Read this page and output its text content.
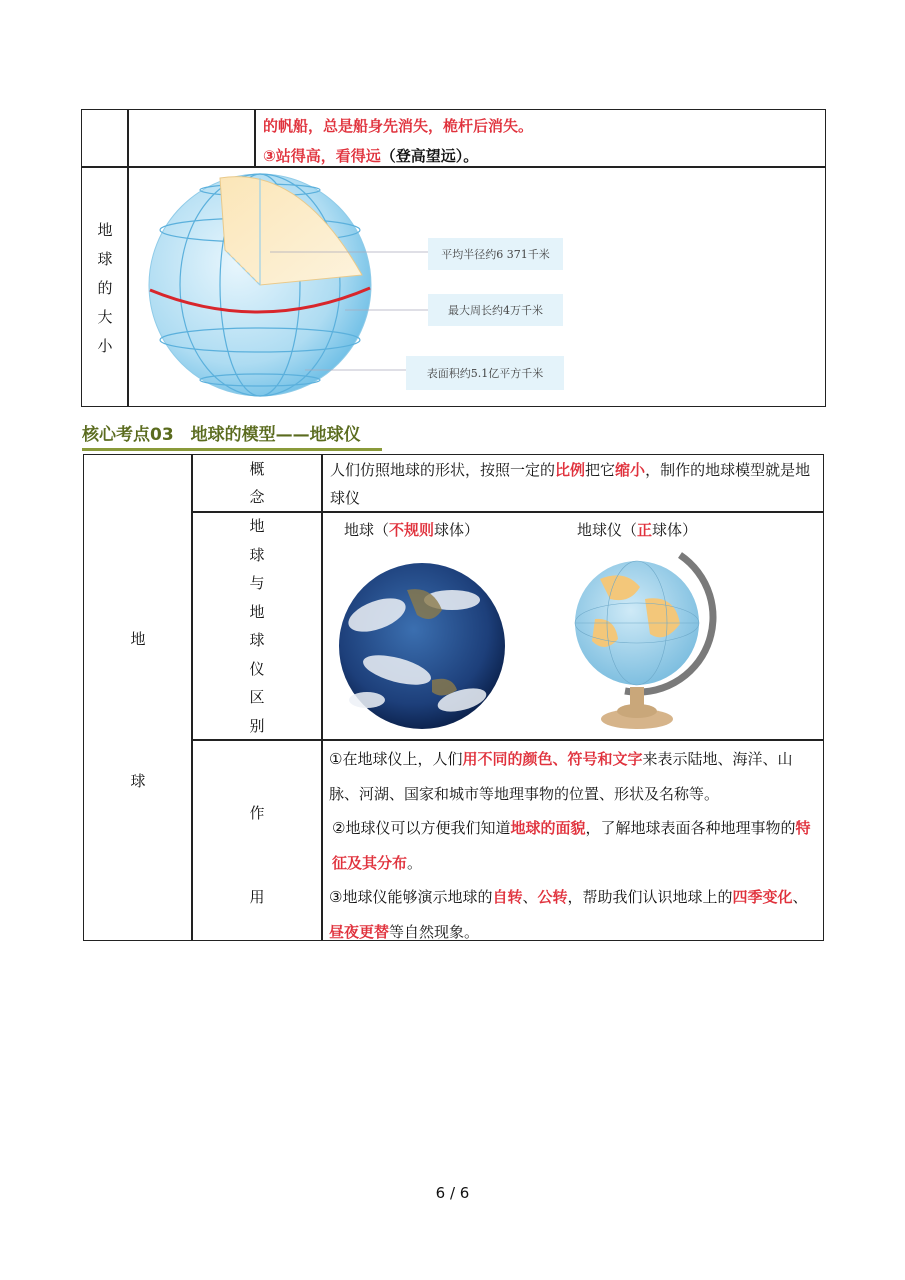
的帆船，总是船身先消失，桅杆后消失。
③站得高，看得远（登高望远）。
地
球
的
大
小
平均半径约6 371千米
最大周长约4万千米
表面积约5.1亿平方千米
核心考点03　地球的模型——地球仪
地
球
概
念
人们仿照地球的形状，按照一定的比例把它缩小，制作的地球模型就是地球仪
地
球
与
地
球
仪
区
别
地球（不规则球体）	地球仪（正球体）
作
用
①在地球仪上，人们用不同的颜色、符号和文字来表示陆地、海洋、山脉、河湖、国家和城市等地理事物的位置、形状及名称等。
②地球仪可以方便我们知道地球的面貌，了解地球表面各种地理事物的特征及其分布。
③地球仪能够演示地球的自转、公转，帮助我们认识地球上的四季变化、昼夜更替等自然现象。
6 / 6
